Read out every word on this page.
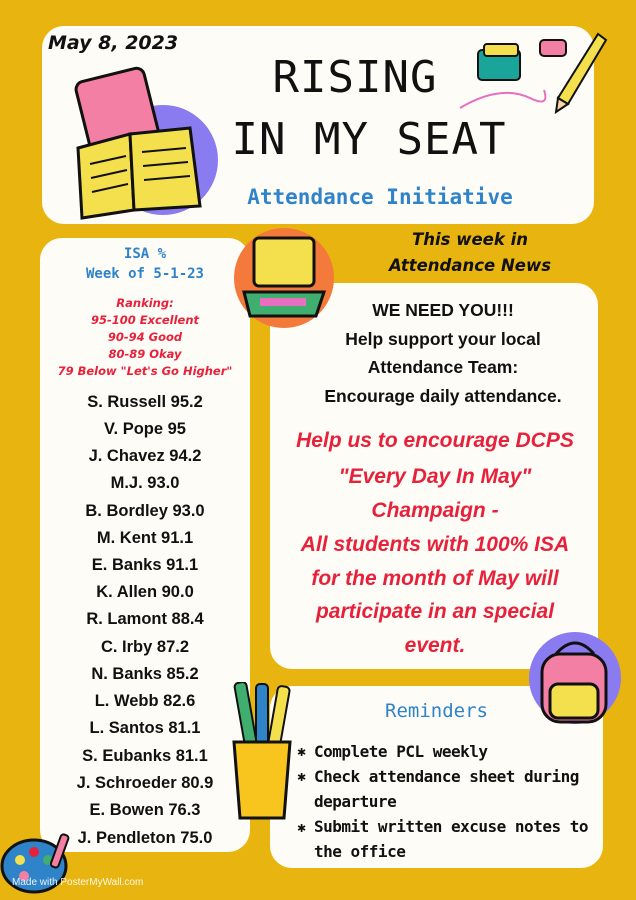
May 8, 2023
RISING
IN MY SEAT
Attendance Initiative
ISA %
Week of 5-1-23
Ranking:
95-100 Excellent
90-94 Good
80-89 Okay
79 Below "Let's Go Higher"
S. Russell 95.2
V. Pope 95
J. Chavez 94.2
M.J. 93.0
B. Bordley 93.0
M. Kent 91.1
E. Banks 91.1
K. Allen 90.0
R. Lamont 88.4
C. Irby 87.2
N. Banks 85.2
L. Webb 82.6
L. Santos 81.1
S. Eubanks 81.1
J. Schroeder 80.9
E. Bowen 76.3
J. Pendleton 75.0
This week in
Attendance News
WE NEED YOU!!!
Help support your local
Attendance Team:
Encourage daily attendance.
Help us to encourage DCPS
"Every Day In May"
Champaign -
All students with 100% ISA
for the month of May will
participate in an special
event.
Reminders
✱ Complete PCL weekly
✱ Check attendance sheet during
departure
✱ Submit written excuse notes to
the office
Made with PosterMyWall.com
